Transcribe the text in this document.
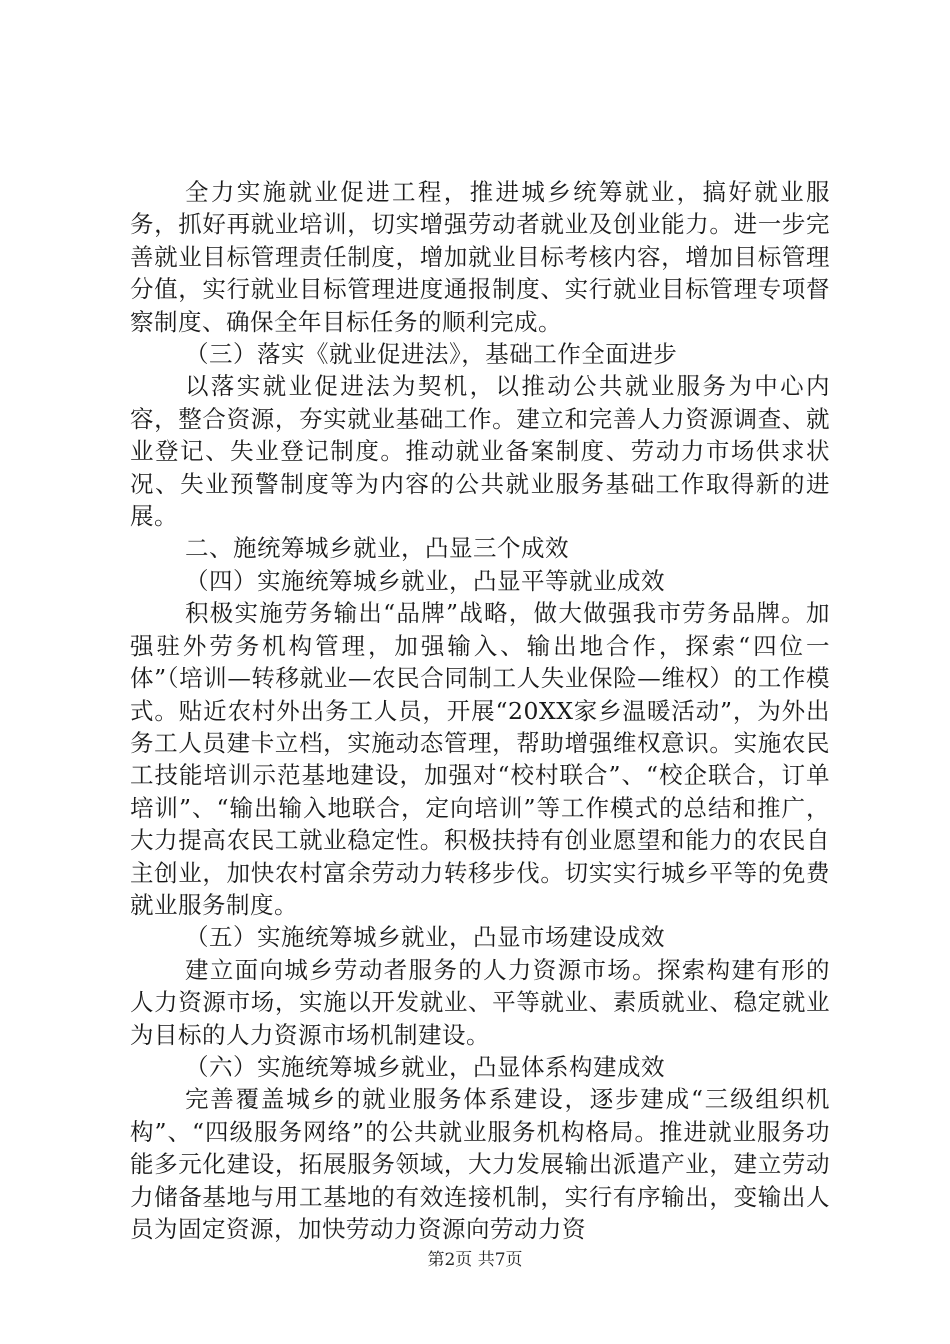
全力实施就业促进工程，推进城乡统筹就业，搞好就业服务，抓好再就业培训，切实增强劳动者就业及创业能力。进一步完善就业目标管理责任制度，增加就业目标考核内容，增加目标管理分值，实行就业目标管理进度通报制度、实行就业目标管理专项督察制度、确保全年目标任务的顺利完成。

（三）落实《就业促进法》，基础工作全面进步

以落实就业促进法为契机，以推动公共就业服务为中心内容，整合资源，夯实就业基础工作。建立和完善人力资源调查、就业登记、失业登记制度。推动就业备案制度、劳动力市场供求状况、失业预警制度等为内容的公共就业服务基础工作取得新的进展。

二、施统筹城乡就业，凸显三个成效

（四）实施统筹城乡就业，凸显平等就业成效

积极实施劳务输出“品牌”战略，做大做强我市劳务品牌。加强驻外劳务机构管理，加强输入、输出地合作，探索“四位一体”（培训—转移就业—农民合同制工人失业保险—维权）的工作模式。贴近农村外出务工人员，开展“20XX家乡温暖活动”，为外出务工人员建卡立档，实施动态管理，帮助增强维权意识。实施农民工技能培训示范基地建设，加强对“校村联合”、“校企联合，订单培训”、“输出输入地联合，定向培训”等工作模式的总结和推广，大力提高农民工就业稳定性。积极扶持有创业愿望和能力的农民自主创业，加快农村富余劳动力转移步伐。切实实行城乡平等的免费就业服务制度。

（五）实施统筹城乡就业，凸显市场建设成效

建立面向城乡劳动者服务的人力资源市场。探索构建有形的人力资源市场，实施以开发就业、平等就业、素质就业、稳定就业为目标的人力资源市场机制建设。

（六）实施统筹城乡就业，凸显体系构建成效

完善覆盖城乡的就业服务体系建设，逐步建成“三级组织机构”、“四级服务网络”的公共就业服务机构格局。推进就业服务功能多元化建设，拓展服务领域，大力发展输出派遣产业，建立劳动力储备基地与用工基地的有效连接机制，实行有序输出，变输出人员为固定资源，加快劳动力资源向劳动力资

第2页 共7页
